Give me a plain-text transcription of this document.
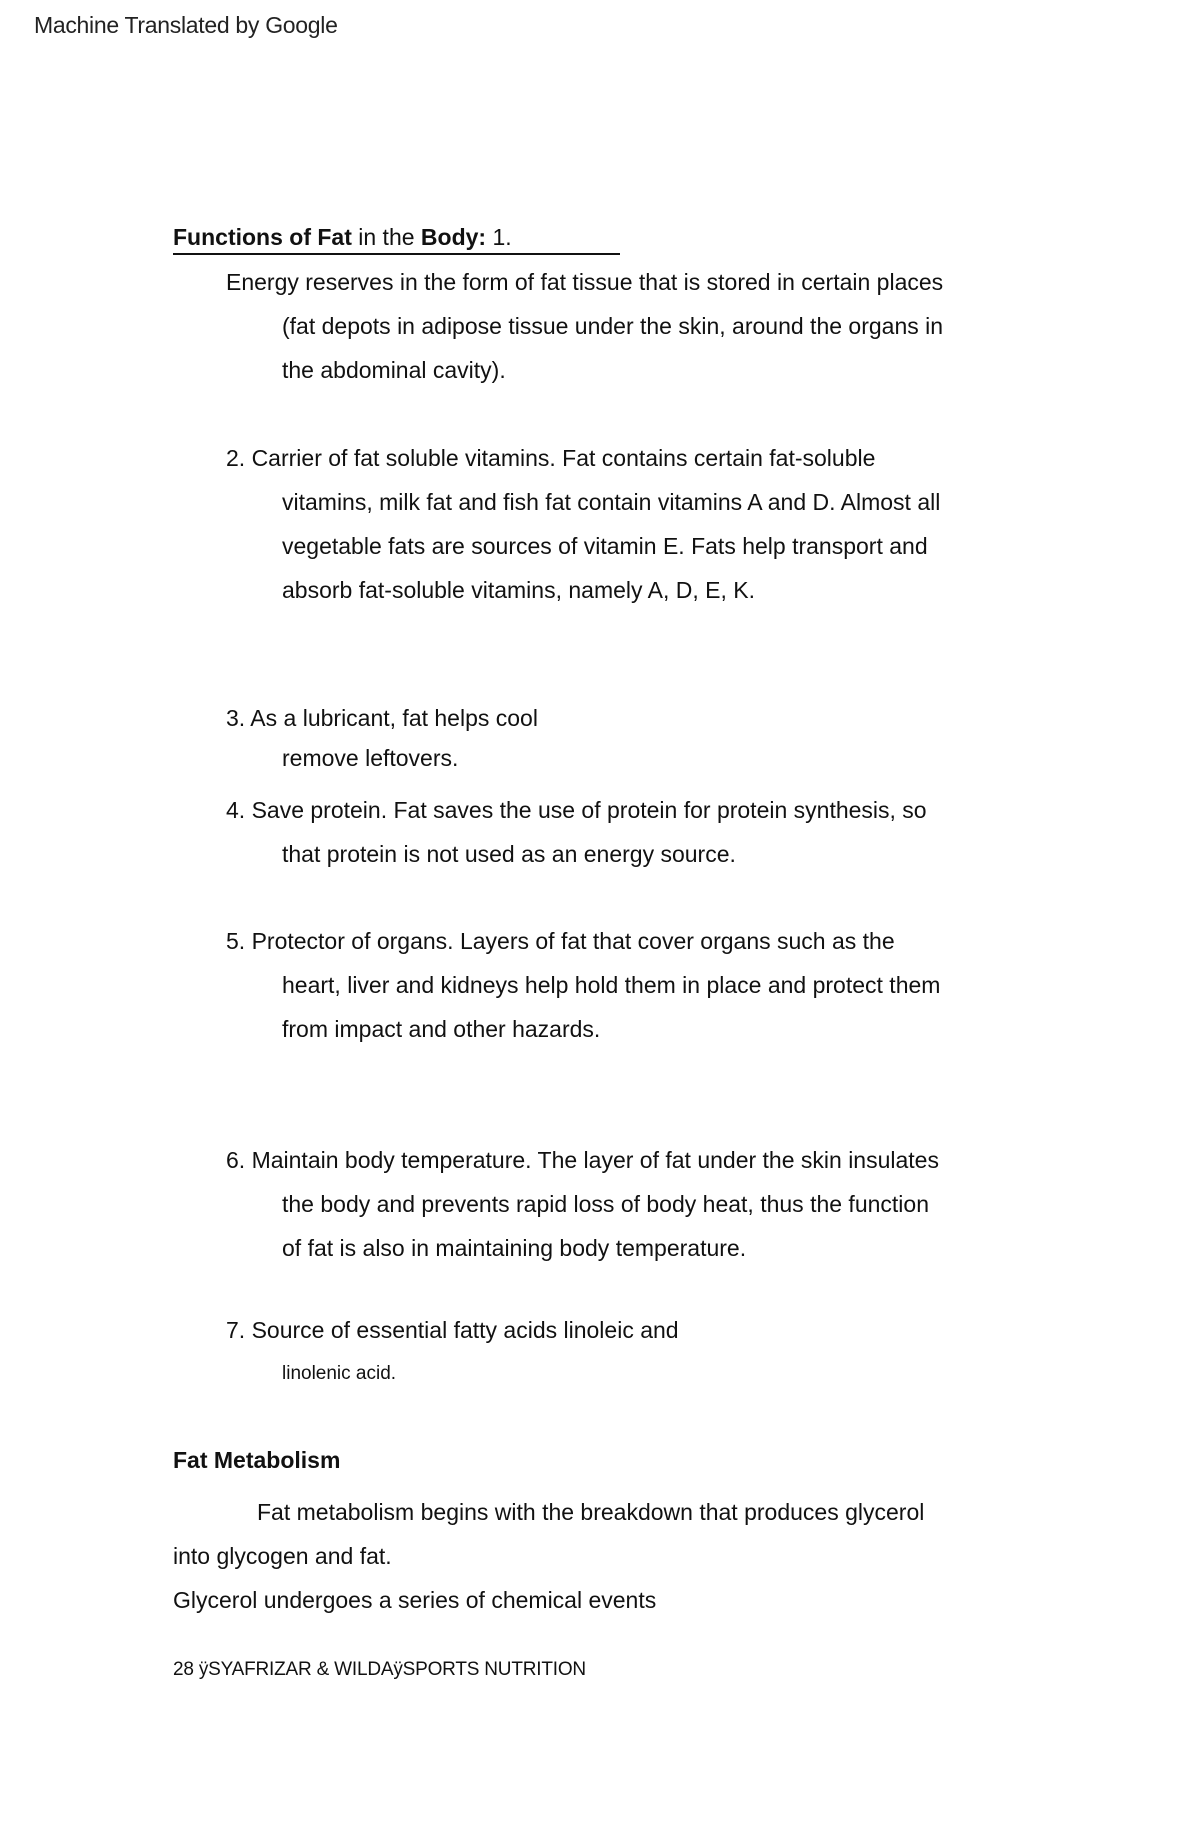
Machine Translated by Google
Functions of Fat in the Body: 1.
Energy reserves in the form of fat tissue that is stored in certain places
(fat depots in adipose tissue under the skin, around the organs in
the abdominal cavity).
2. Carrier of fat soluble vitamins. Fat contains certain fat-soluble
vitamins, milk fat and fish fat contain vitamins A and D. Almost all
vegetable fats are sources of vitamin E. Fats help transport and
absorb fat-soluble vitamins, namely A, D, E, K.
3. As a lubricant, fat helps cool
remove leftovers.
4. Save protein. Fat saves the use of protein for protein synthesis, so
that protein is not used as an energy source.
5. Protector of organs. Layers of fat that cover organs such as the
heart, liver and kidneys help hold them in place and protect them
from impact and other hazards.
6. Maintain body temperature. The layer of fat under the skin insulates
the body and prevents rapid loss of body heat, thus the function
of fat is also in maintaining body temperature.
7. Source of essential fatty acids linoleic and
linolenic acid.
Fat Metabolism
Fat metabolism begins with the breakdown that produces glycerol
into glycogen and fat.
Glycerol undergoes a series of chemical events
28 ÿSYAFRIZAR & WILDAÿSPORTS NUTRITION
